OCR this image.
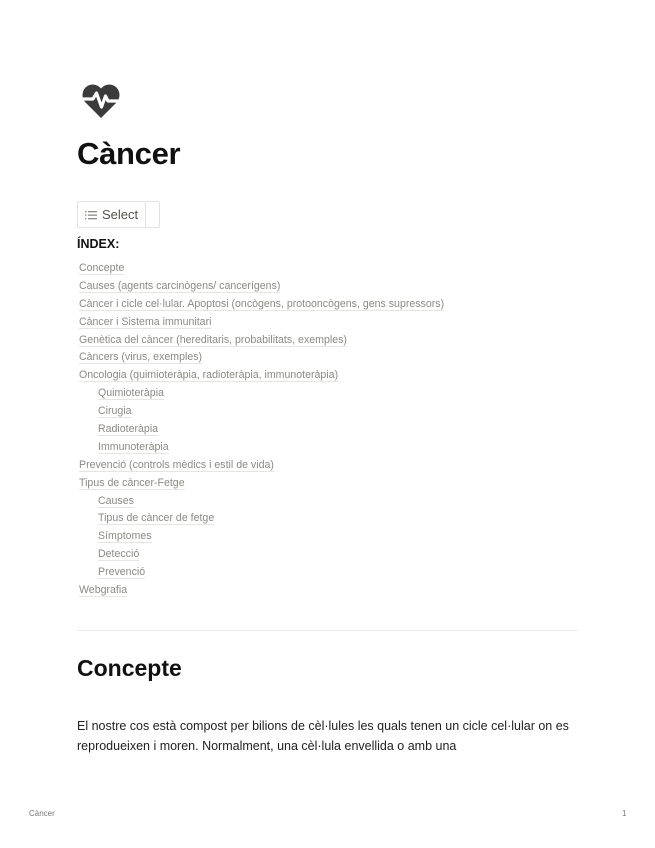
Càncer
Select
ÍNDEX:
Concepte
Causes (agents carcinògens/ cancerígens)
Càncer i cicle cel·lular. Apoptosi (oncògens, protooncògens, gens supressors)
Càncer i Sistema immunitari
Genètica del càncer (hereditaris, probabilitats, exemples)
Càncers (virus, exemples)
Oncologia (quimioteràpia, radioteràpia, immunoteràpia)
Quimioteràpia
Cirugia
Radioteràpia
Immunoteràpia
Prevenció (controls mèdics i estil de vida)
Tipus de càncer-Fetge
Causes
Tipus de càncer de fetge
Símptomes
Detecció
Prevenció
Webgrafia
Concepte

El nostre cos està compost per bilions de cèl·lules les quals tenen un cicle cel·lular on es reprodueixen i moren. Normalment, una cèl·lula envellida o amb una

Càncer	1
